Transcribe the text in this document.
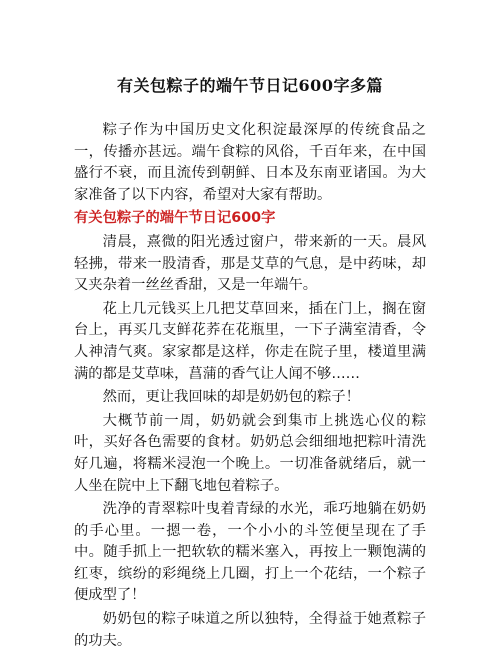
有关包粽子的端午节日记600字多篇

粽子作为中国历史文化积淀最深厚的传统食品之一，传播亦甚远。端午食粽的风俗，千百年来，在中国盛行不衰，而且流传到朝鲜、日本及东南亚诸国。为大家准备了以下内容，希望对大家有帮助。

有关包粽子的端午节日记600字

清晨，熹微的阳光透过窗户，带来新的一天。晨风轻拂，带来一股清香，那是艾草的气息，是中药味，却又夹杂着一丝丝香甜，又是一年端午。

花上几元钱买上几把艾草回来，插在门上，搁在窗台上，再买几支鲜花荞在花瓶里，一下子满室清香，令人神清气爽。家家都是这样，你走在院子里，楼道里满满的都是艾草味，菖蒲的香气让人闻不够……

然而，更让我回味的却是奶奶包的粽子！

大概节前一周，奶奶就会到集市上挑选心仪的粽叶，买好各色需要的食材。奶奶总会细细地把粽叶清洗好几遍，将糯米浸泡一个晚上。一切准备就绪后，就一人坐在院中上下翻飞地包着粽子。

洗净的青翠粽叶曳着青绿的水光，乖巧地躺在奶奶的手心里。一摁一卷，一个小小的斗笠便呈现在了手中。随手抓上一把软软的糯米塞入，再按上一颗饱满的红枣，缤纷的彩绳绕上几圈，打上一个花结，一个粽子便成型了！

奶奶包的粽子味道之所以独特，全得益于她煮粽子的功夫。
